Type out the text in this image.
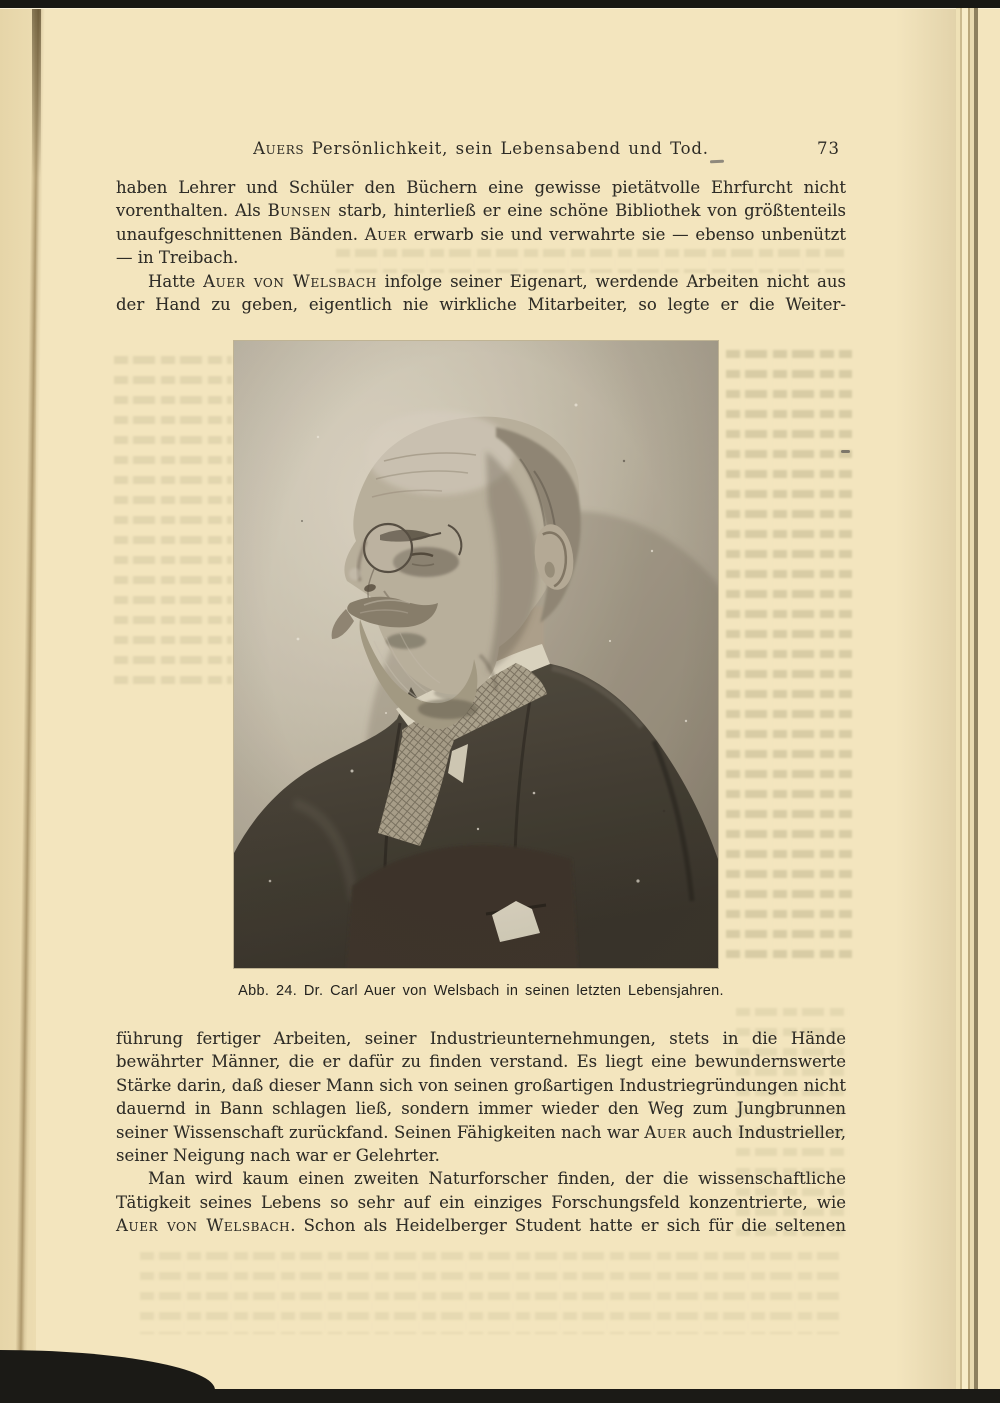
Auers Persönlichkeit, sein Lebensabend und Tod.	73

haben Lehrer und Schüler den Büchern eine gewisse pietätvolle Ehrfurcht nicht vorenthalten. Als Bunsen starb, hinterließ er eine schöne Bibliothek von größtenteils unaufgeschnittenen Bänden. Auer erwarb sie und verwahrte sie — ebenso unbenützt — in Treibach.

Hatte Auer von Welsbach infolge seiner Eigenart, werdende Arbeiten nicht aus der Hand zu geben, eigentlich nie wirkliche Mitarbeiter, so legte er die Weiter-

Abb. 24. Dr. Carl Auer von Welsbach in seinen letzten Lebensjahren.

führung fertiger Arbeiten, seiner Industrieunternehmungen, stets in die Hände bewährter Männer, die er dafür zu finden verstand. Es liegt eine bewundernswerte Stärke darin, daß dieser Mann sich von seinen großartigen Industriegründungen nicht dauernd in Bann schlagen ließ, sondern immer wieder den Weg zum Jungbrunnen seiner Wissenschaft zurückfand. Seinen Fähigkeiten nach war Auer auch Industrieller, seiner Neigung nach war er Gelehrter.

Man wird kaum einen zweiten Naturforscher finden, der die wissenschaftliche Tätigkeit seines Lebens so sehr auf ein einziges Forschungsfeld konzentrierte, wie Auer von Welsbach. Schon als Heidelberger Student hatte er sich für die seltenen
